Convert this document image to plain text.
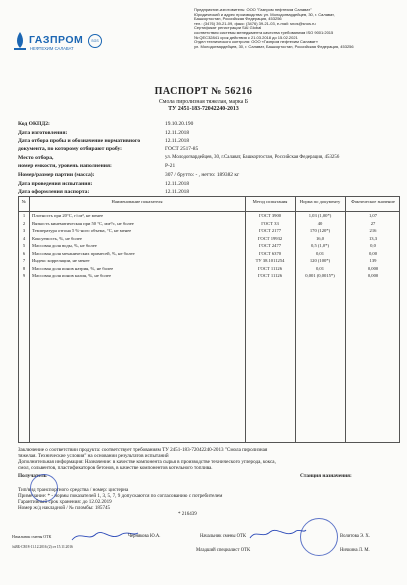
ГАЗПРОМ
НЕФТЕХИМ САЛАВАТ
SGS
Предприятие-изготовитель: ООО "Газпром нефтехим Салават"
Юридический и адрес производства: ул. Молодогвардейцев, 30, г. Салават,
Башкортостан, Российская Федерация, 453256
тел.: (3476) 39-21-09, факс: (3476) 39-21-03, e-mail: snos@snos.ru
Сертификат регистрации SAI Global
соответствия системы менеджмента качества требованиям ISO 9001:2015
№ QEC32841 срок действия с 21.03.2018 до 15.02.2021
Отдел технического контроля: ООО «Газпром нефтехим Салават»
ул. Молодогвардейцев, 30, г. Салават, Башкортостан, Российская Федерация, 453256
ПАСПОРТ № 56216
Смола пиролизная тяжелая, марка Б
ТУ 2451-183-72042240-2013
Код ОКПД2:	19.10.20.190
Дата изготовления:	12.11.2018
Дата отбора пробы и обозначение нормативного	12.11.2018
документа, по которому отбирают пробу:	ГОСТ 2517-85
Место отбора,	ул. Молодогвардейцев, 30, г.Салават, Башкортостан, Российская Федерация, 453256
номер емкости, уровень наполнения:	Р-21
Номер/размер партии (масса):	307 / брутто: - , нетто: 189382 кг
Дата проведения испытания:	12.11.2018
Дата оформления паспорта:	12.11.2018
№	Наименование показателя	Метод испытания	Норма по документу	Фактическое значение
1	Плотность при 20°С, г/см³, не менее	ГОСТ 3900	1,03 (1,00*)	1,07
2	Вязкость кинематическая при 50 °С, мм²/с, не более	ГОСТ 33	40	27
3	Температура отгона 5 %-ного объема, °С, не менее	ГОСТ 2177	170 (120*)	216
4	Коксуемость, %, не более	ГОСТ 19932	16,0	13,3
5	Массовая доля воды, %, не более	ГОСТ 2477	0,5 (1,0*)	0,0
6	Массовая доля механических примесей, %, не более	ГОСТ 6370	0,01	0,00
7	Индекс корреляции, не менее	ТУ 38.1011254	120 (100*)	139
8	Массовая доля ионов натрия, %, не более	ГОСТ 11126	0,01	0,000
9	Массовая доля ионов калия, %, не более	ГОСТ 11126	0,001 (0,0015*)	0,000
Заключение о соответствии продукта: соответствует требованиям ТУ 2451-183-72042240-2013 "Смола пиролизная
тяжелая. Технические условия" на основании результатов испытаний
Дополнительная информация: Назначение: в качестве компонента сырья в производстве технического углерода, кокса,
смол, сольвентов, пластификаторов бетонов, в качестве компонентов котельного топлива.
Получатель	Станция назначения:
Тип/вид транспортного средства / номер: цистерна
Примечание: * - нормы показателей 1, 3, 5, 7, 9 допускаются по согласованию с потребителем
Гарантийный срок хранения: до 12.02.2019
Номер ж/д накладной / № пломбы: 185745
* 216439
Начальник смены ОТК	Чернякова Ю.А.	Начальник смены ОТК	Волитова Э. Х.
№ВБ-СМ 8-11.12.2016 (2) от 15.11.2016
Младший специалист ОТК	Ничкина Л. М.
